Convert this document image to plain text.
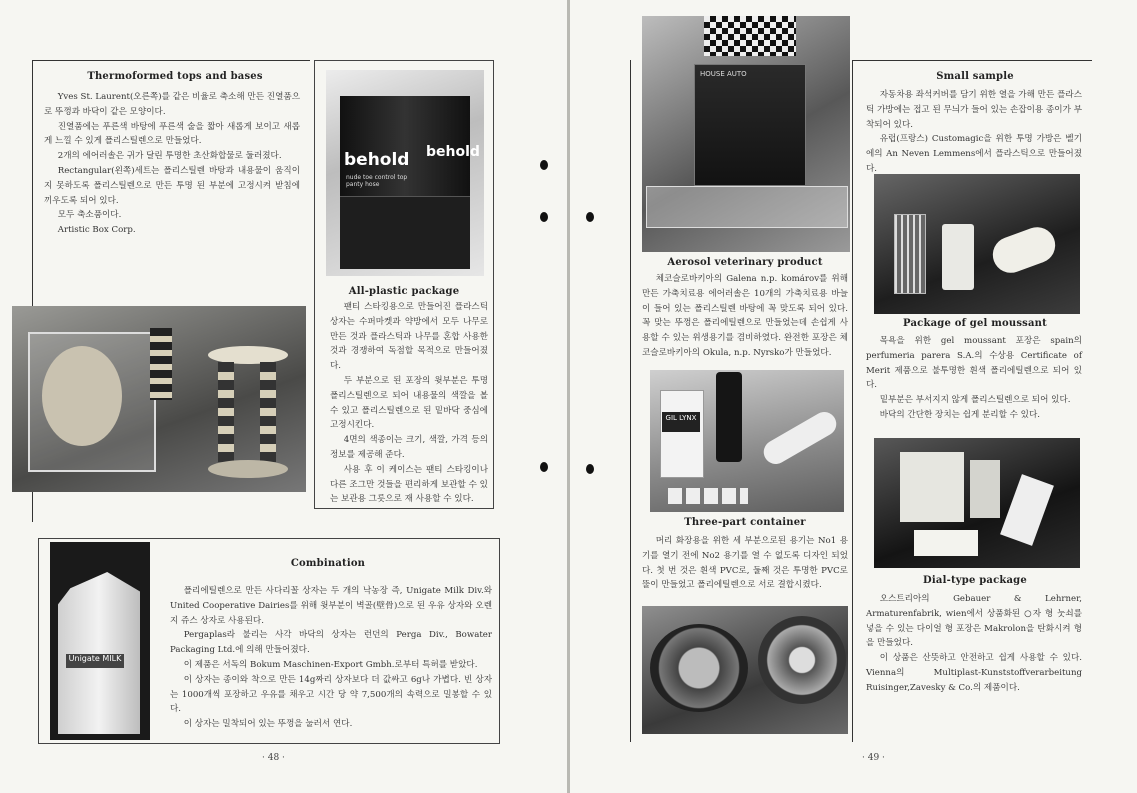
Thermoformed tops and bases

Yves St. Laurent(오른쪽)를 같은 비율로 축소해 만든 진열품으로 뚜껑과 바닥이 같은 모양이다.

진열품에는 푸른색 바탕에 푸른색 술을 짧아 새롭게 보이고 새롭게 느낄 수 있게 폴리스틸렌으로 만들었다.

2개의 에어러솔은 귀가 달린 투명한 초산화합물로 둘러졌다.

Rectangular(왼쪽)세트는 폴리스틸렌 바탕과 내용물이 움직이지 못하도록 폴리스틸렌으로 만든 투명 된 부분에 고정시켜 받침에 끼우도록 되어 있다.

모두 축소품이다.

Artistic Box Corp.

behold behold
nude toe control top panty hose
All-plastic package

팬티 스타킹용으로 만들어진 플라스틱상자는 수퍼마켓과 약방에서 모두 나무로 만든 것과 플라스틱과 나무를 혼합 사용한 것과 경쟁하여 독점할 목적으로 만들어졌다.

두 부분으로 된 포장의 윗부분은 투명 폴리스틸렌으로 되어 내용물의 색깔을 볼 수 있고 폴리스틸렌으로 된 밑바닥 중심에 고정시킨다.

4면의 색종이는 크기, 색깔, 가격 등의 정보를 제공해 준다.

사용 후 이 케이스는 팬티 스타킹이나 다른 조그만 것들을 편리하게 보관할 수 있는 보관용 그릇으로 재 사용할 수 있다.

Unigate MILK
Combination

폴리에틸렌으로 만든 사다리꼴 상자는 두 개의 낙농장 즉, Unigate Milk Div.와 United Cooperative Dairies를 위해 윗부분이 벽골(壁骨)으로 된 우유 상자와 오렌지 쥬스 상자로 사용된다.

Pergaplas라 불리는 사각 바닥의 상자는 런던의 Perga Div., Bowater Packaging Ltd.에 의해 만들어졌다.

이 제품은 서독의 Bokum Maschinen-Export Gmbh.로부터 특허를 받았다.

이 상자는 종이와 착으로 만든 14g짜리 상자보다 더 값싸고 6g나 가볍다. 빈 상자는 1000개씩 포장하고 우유를 채우고 시간 당 약 7,500개의 속력으로 밀봉할 수 있다.

이 상자는 밀착되어 있는 뚜껑을 눌러서 연다.

· 48 ·
HOUSE AUTO
Aerosol veterinary product

체코슬로바키아의 Galena n.p. komárov를 위해 만든 가축치료용 에어러솔은 10개의 가축치료용 바늘이 들어 있는 폴리스틸렌 바탕에 꼭 맞도록 되어 있다. 꼭 맞는 뚜껑은 폴리에틸렌으로 만들었는데 손쉽게 사용할 수 있는 위생용기를 겸비하였다. 완전한 포장은 체코슬로바키아의 Okula, n.p. Nyrsko가 만들었다.

GIL LYNX
Three-part container

머리 화장용을 위한 세 부분으로된 용기는 No1 용기를 열기 전에 No2 용기를 열 수 없도록 디자인 되었다. 첫 번 것은 흰색 PVC로, 둘째 것은 투명한 PVC로 뚤이 만들었고 폴리에틸렌으로 서로 결합시켰다.

Small sample

자동차용 좌석커버를 담기 위한 열을 가해 만든 플라스틱 가방에는 접고 된 무늬가 들어 있는 손잡이용 종이가 부착되어 있다.

유럽(프랑스) Customagic을 위한 투명 가방은 벨기에의 An Neven Lemmens에서 플라스틱으로 만들어졌다.

Package of gel moussant

목욕을 위한 gel moussant 포장은 spain의 perfumeria parera S.A.의 수상용 Certificate of Merit 제품으로 불투명한 흰색 폴리에틸렌으로 되어 있다.

밑부분은 부서지지 않게 폴리스틸렌으로 되어 있다.

바닥의 간단한 장치는 쉽게 분리할 수 있다.

Dial-type package

오스트리아의 Gebauer & Lehrner, Armaturenfabrik, wien에서 상품화된 ○자 형 눗쇠를 넣을 수 있는 다이얼 형 포장은 Makrolon을 탄화시켜 형을 만들었다.

이 상품은 산뜻하고 안전하고 쉽게 사용할 수 있다. Vienna의 Multiplast-Kunststoffverarbeitung Ruisinger,Zavesky & Co.의 제품이다.

· 49 ·
